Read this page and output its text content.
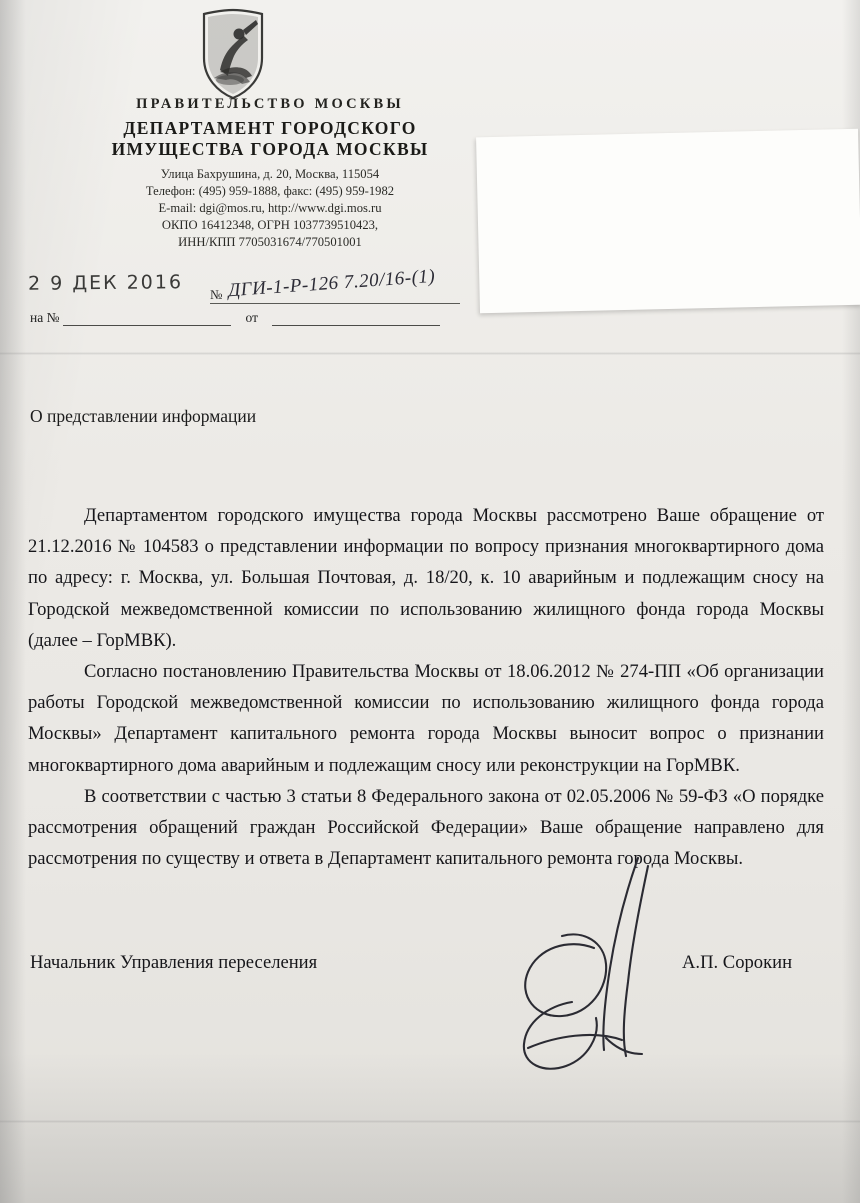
ПРАВИТЕЛЬСТВО МОСКВЫ
ДЕПАРТАМЕНТ ГОРОДСКОГО
ИМУЩЕСТВА ГОРОДА МОСКВЫ
Улица Бахрушина, д. 20, Москва, 115054
Телефон: (495) 959-1888, факс: (495) 959-1982
E-mail: dgi@mos.ru, http://www.dgi.mos.ru
ОКПО 16412348, ОГРН 1037739510423,
ИНН/КПП 7705031674/770501001
2 9 ДЕК 2016 № ДГИ-1-Р-126 7.20/16-(1)
на №	от
О представлении информации

Департаментом городского имущества города Москвы рассмотрено Ваше обращение от 21.12.2016 № 104583 о представлении информации по вопросу признания многоквартирного дома по адресу: г. Москва, ул. Большая Почтовая, д. 18/20, к. 10 аварийным и подлежащим сносу на Городской межведомственной комиссии по использованию жилищного фонда города Москвы (далее – ГорМВК).

Согласно постановлению Правительства Москвы от 18.06.2012 № 274-ПП «Об организации работы Городской межведомственной комиссии по использованию жилищного фонда города Москвы» Департамент капитального ремонта города Москвы выносит вопрос о признании многоквартирного дома аварийным и подлежащим сносу или реконструкции на ГорМВК.

В соответствии с частью 3 статьи 8 Федерального закона от 02.05.2006 № 59-ФЗ «О порядке рассмотрения обращений граждан Российской Федерации» Ваше обращение направлено для рассмотрения по существу и ответа в Департамент капитального ремонта города Москвы.

Начальник Управления переселения	А.П. Сорокин
